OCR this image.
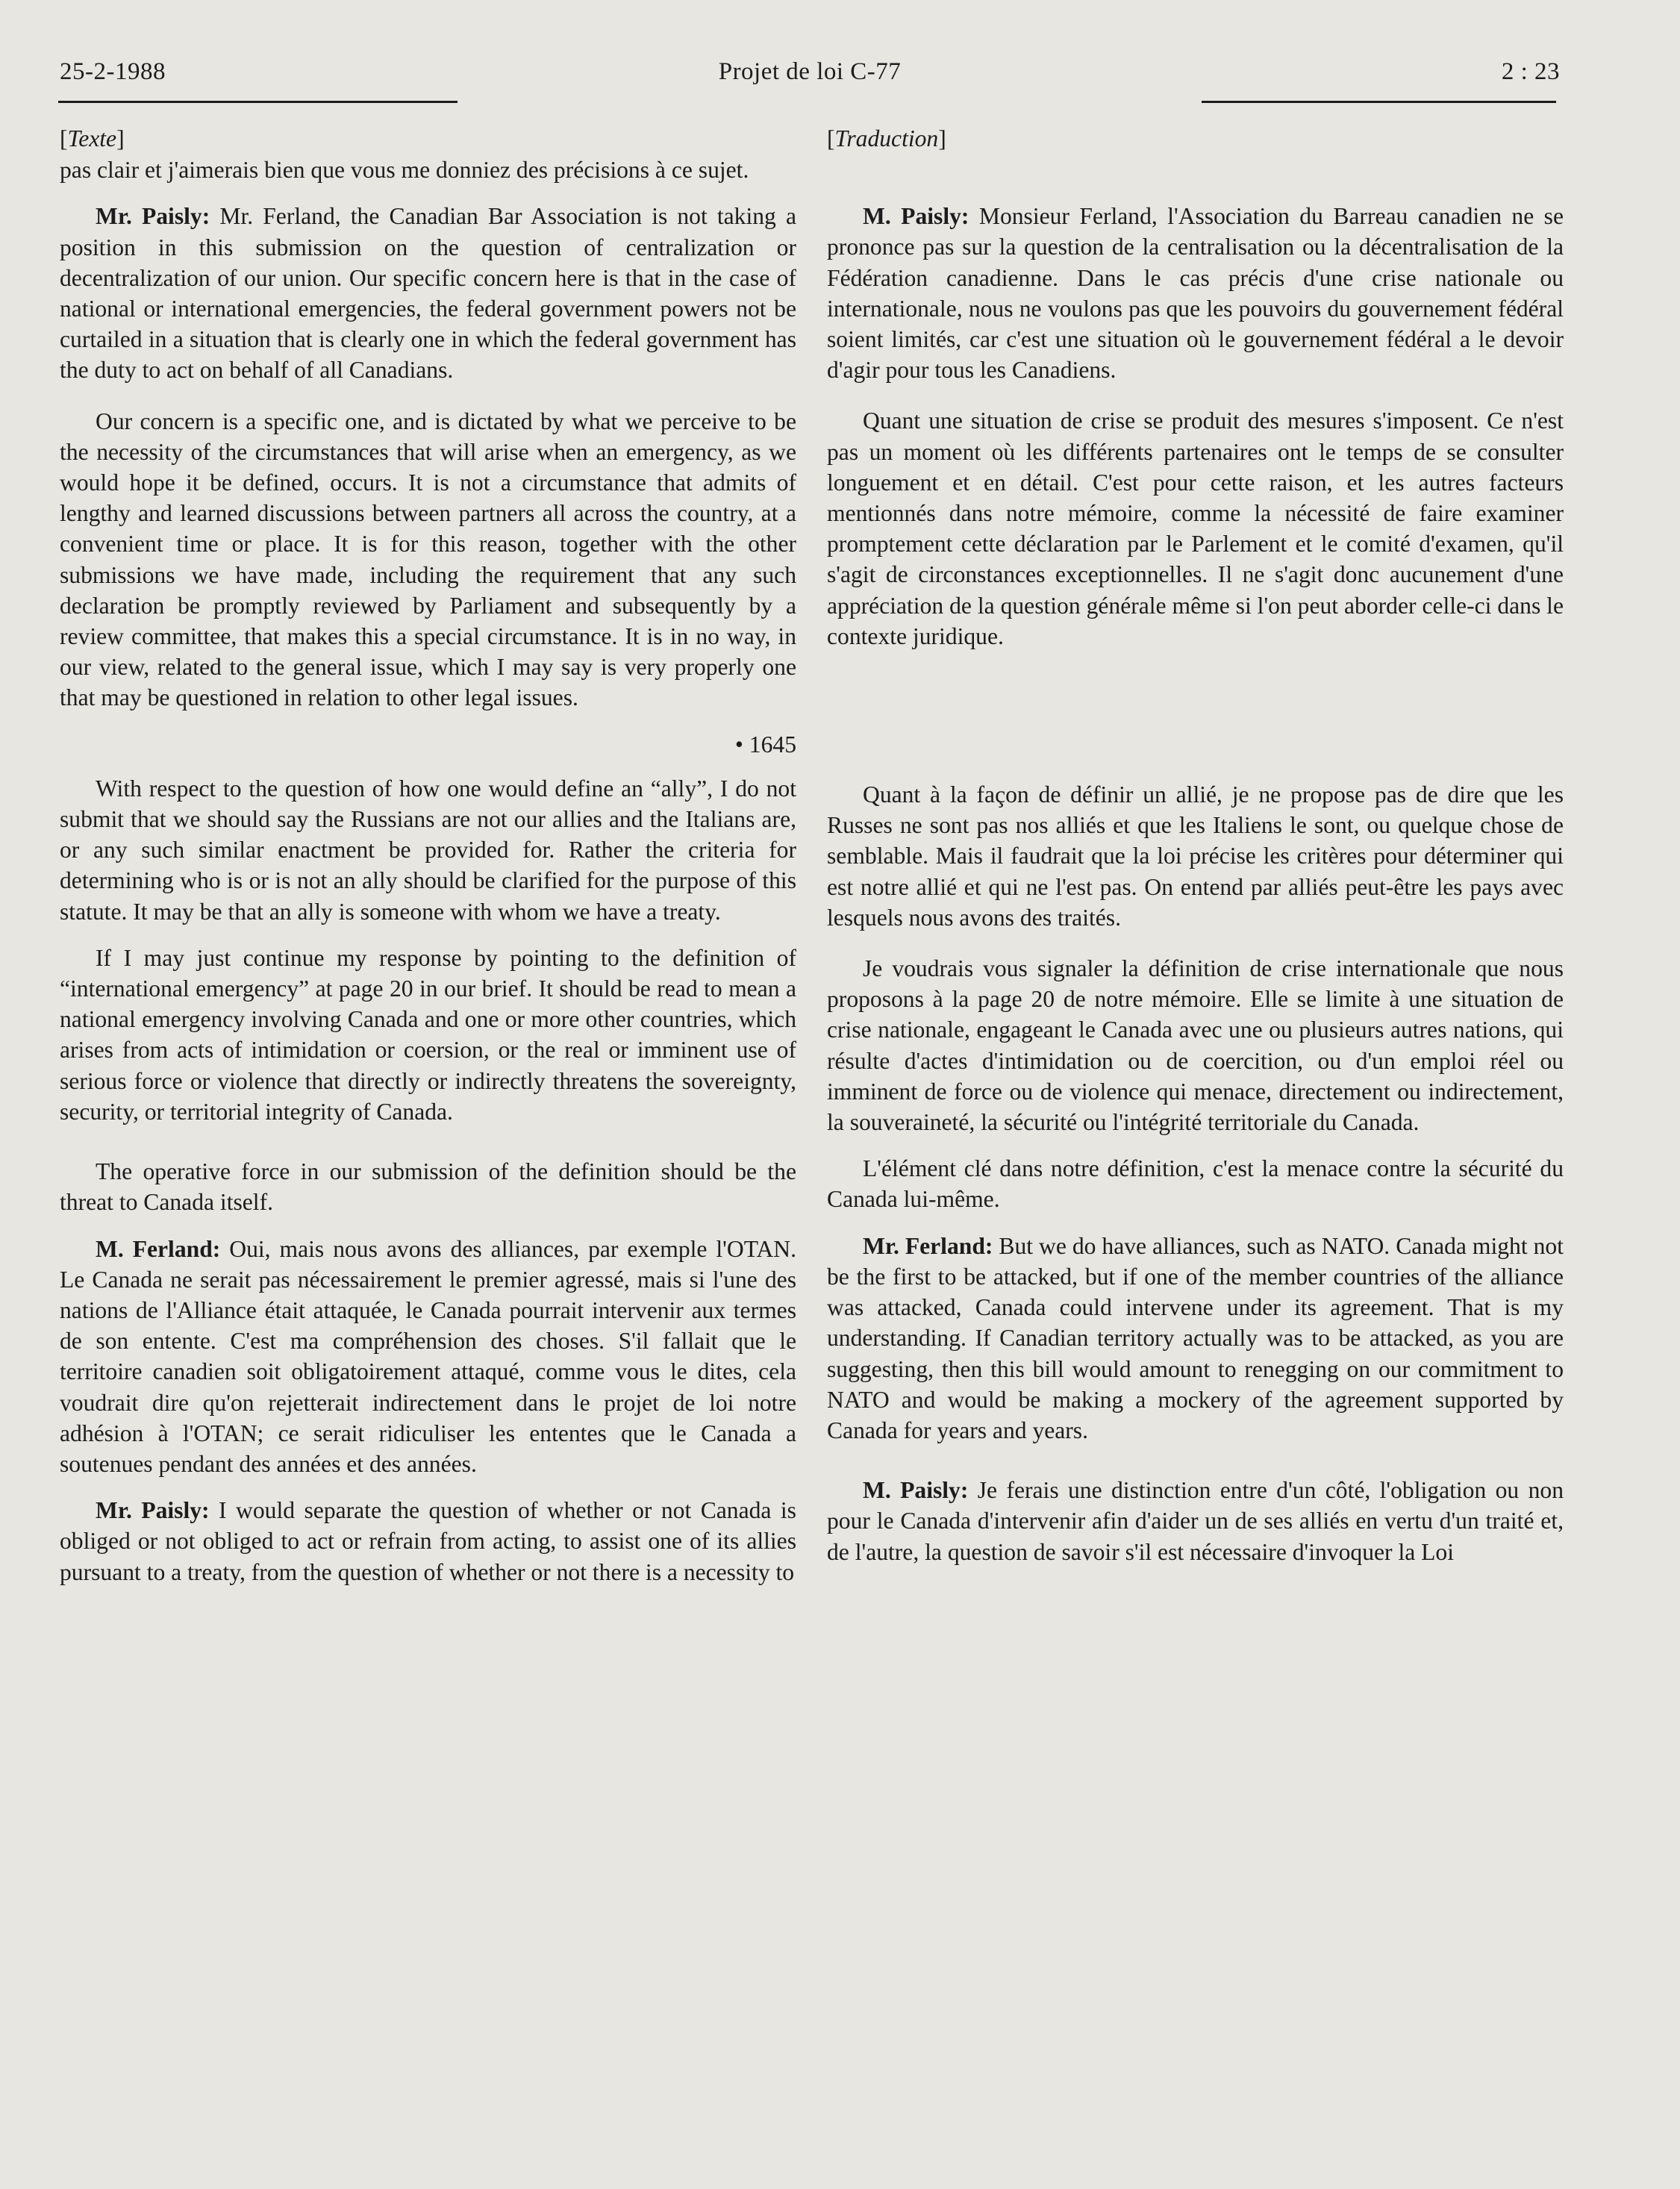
25-2-1988	Projet de loi C-77	2 : 23
[Texte]

pas clair et j'aimerais bien que vous me donniez des précisions à ce sujet.

Mr. Paisly: Mr. Ferland, the Canadian Bar Association is not taking a position in this submission on the question of centralization or decentralization of our union. Our specific concern here is that in the case of national or international emergencies, the federal government powers not be curtailed in a situation that is clearly one in which the federal government has the duty to act on behalf of all Canadians.

Our concern is a specific one, and is dictated by what we perceive to be the necessity of the circumstances that will arise when an emergency, as we would hope it be defined, occurs. It is not a circumstance that admits of lengthy and learned discussions between partners all across the country, at a convenient time or place. It is for this reason, together with the other submissions we have made, including the requirement that any such declaration be promptly reviewed by Parliament and subsequently by a review committee, that makes this a special circumstance. It is in no way, in our view, related to the general issue, which I may say is very properly one that may be questioned in relation to other legal issues.

• 1645

With respect to the question of how one would define an “ally”, I do not submit that we should say the Russians are not our allies and the Italians are, or any such similar enactment be provided for. Rather the criteria for determining who is or is not an ally should be clarified for the purpose of this statute. It may be that an ally is someone with whom we have a treaty.

If I may just continue my response by pointing to the definition of “international emergency” at page 20 in our brief. It should be read to mean a national emergency involving Canada and one or more other countries, which arises from acts of intimidation or coersion, or the real or imminent use of serious force or violence that directly or indirectly threatens the sovereignty, security, or territorial integrity of Canada.

The operative force in our submission of the definition should be the threat to Canada itself.

M. Ferland: Oui, mais nous avons des alliances, par exemple l'OTAN. Le Canada ne serait pas nécessairement le premier agressé, mais si l'une des nations de l'Alliance était attaquée, le Canada pourrait intervenir aux termes de son entente. C'est ma compréhension des choses. S'il fallait que le territoire canadien soit obligatoirement attaqué, comme vous le dites, cela voudrait dire qu'on rejetterait indirectement dans le projet de loi notre adhésion à l'OTAN; ce serait ridiculiser les ententes que le Canada a soutenues pendant des années et des années.

Mr. Paisly: I would separate the question of whether or not Canada is obliged or not obliged to act or refrain from acting, to assist one of its allies pursuant to a treaty, from the question of whether or not there is a necessity to

[Traduction]

M. Paisly: Monsieur Ferland, l'Association du Barreau canadien ne se prononce pas sur la question de la centralisation ou la décentralisation de la Fédération canadienne. Dans le cas précis d'une crise nationale ou internationale, nous ne voulons pas que les pouvoirs du gouvernement fédéral soient limités, car c'est une situation où le gouvernement fédéral a le devoir d'agir pour tous les Canadiens.

Quant une situation de crise se produit des mesures s'imposent. Ce n'est pas un moment où les différents partenaires ont le temps de se consulter longuement et en détail. C'est pour cette raison, et les autres facteurs mentionnés dans notre mémoire, comme la nécessité de faire examiner promptement cette déclaration par le Parlement et le comité d'examen, qu'il s'agit de circonstances exceptionnelles. Il ne s'agit donc aucunement d'une appréciation de la question générale même si l'on peut aborder celle-ci dans le contexte juridique.

Quant à la façon de définir un allié, je ne propose pas de dire que les Russes ne sont pas nos alliés et que les Italiens le sont, ou quelque chose de semblable. Mais il faudrait que la loi précise les critères pour déterminer qui est notre allié et qui ne l'est pas. On entend par alliés peut-être les pays avec lesquels nous avons des traités.

Je voudrais vous signaler la définition de crise internationale que nous proposons à la page 20 de notre mémoire. Elle se limite à une situation de crise nationale, engageant le Canada avec une ou plusieurs autres nations, qui résulte d'actes d'intimidation ou de coercition, ou d'un emploi réel ou imminent de force ou de violence qui menace, directement ou indirectement, la souveraineté, la sécurité ou l'intégrité territoriale du Canada.

L'élément clé dans notre définition, c'est la menace contre la sécurité du Canada lui-même.

Mr. Ferland: But we do have alliances, such as NATO. Canada might not be the first to be attacked, but if one of the member countries of the alliance was attacked, Canada could intervene under its agreement. That is my understanding. If Canadian territory actually was to be attacked, as you are suggesting, then this bill would amount to renegging on our commitment to NATO and would be making a mockery of the agreement supported by Canada for years and years.

M. Paisly: Je ferais une distinction entre d'un côté, l'obligation ou non pour le Canada d'intervenir afin d'aider un de ses alliés en vertu d'un traité et, de l'autre, la question de savoir s'il est nécessaire d'invoquer la Loi
